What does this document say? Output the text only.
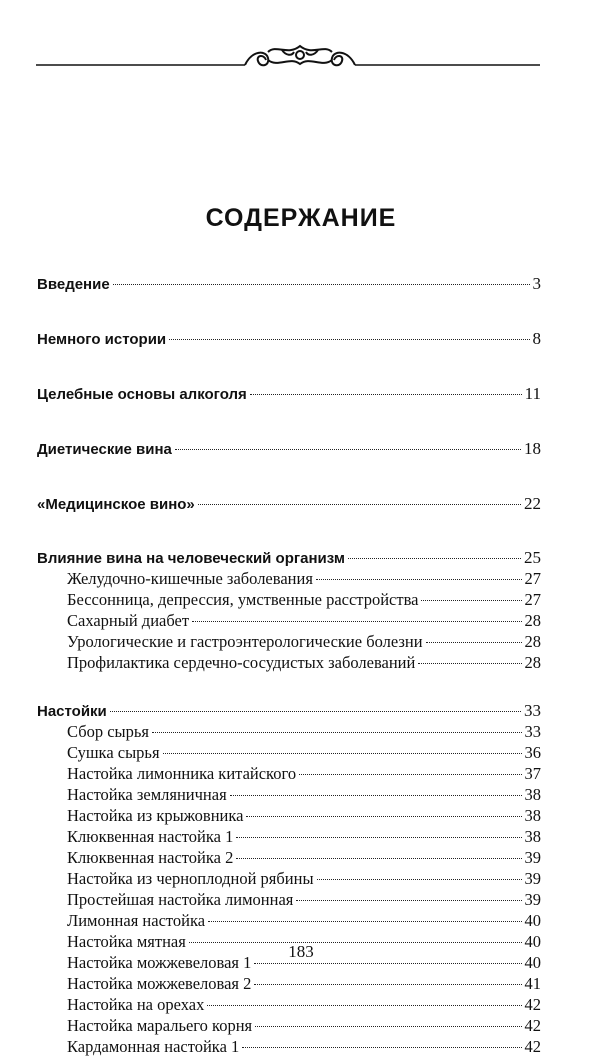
СОДЕРЖАНИЕ
Введение	3
Немного истории	8
Целебные основы алкоголя	11
Диетические вина	18
«Медицинское вино»	22
Влияние вина на человеческий организм	25
Желудочно-кишечные заболевания	27
Бессонница, депрессия, умственные расстройства	27
Сахарный диабет	28
Урологические и гастроэнтерологические болезни	28
Профилактика сердечно-сосудистых заболеваний	28
Настойки	33
Сбор сырья	33
Сушка сырья	36
Настойка лимонника китайского	37
Настойка земляничная	38
Настойка из крыжовника	38
Клюквенная настойка 1	38
Клюквенная настойка 2	39
Настойка из черноплодной рябины	39
Простейшая настойка лимонная	39
Лимонная настойка	40
Настойка мятная	40
Настойка можжевеловая 1	40
Настойка можжевеловая 2	41
Настойка на орехах	42
Настойка маральего корня	42
Кардамонная настойка 1	42
183
